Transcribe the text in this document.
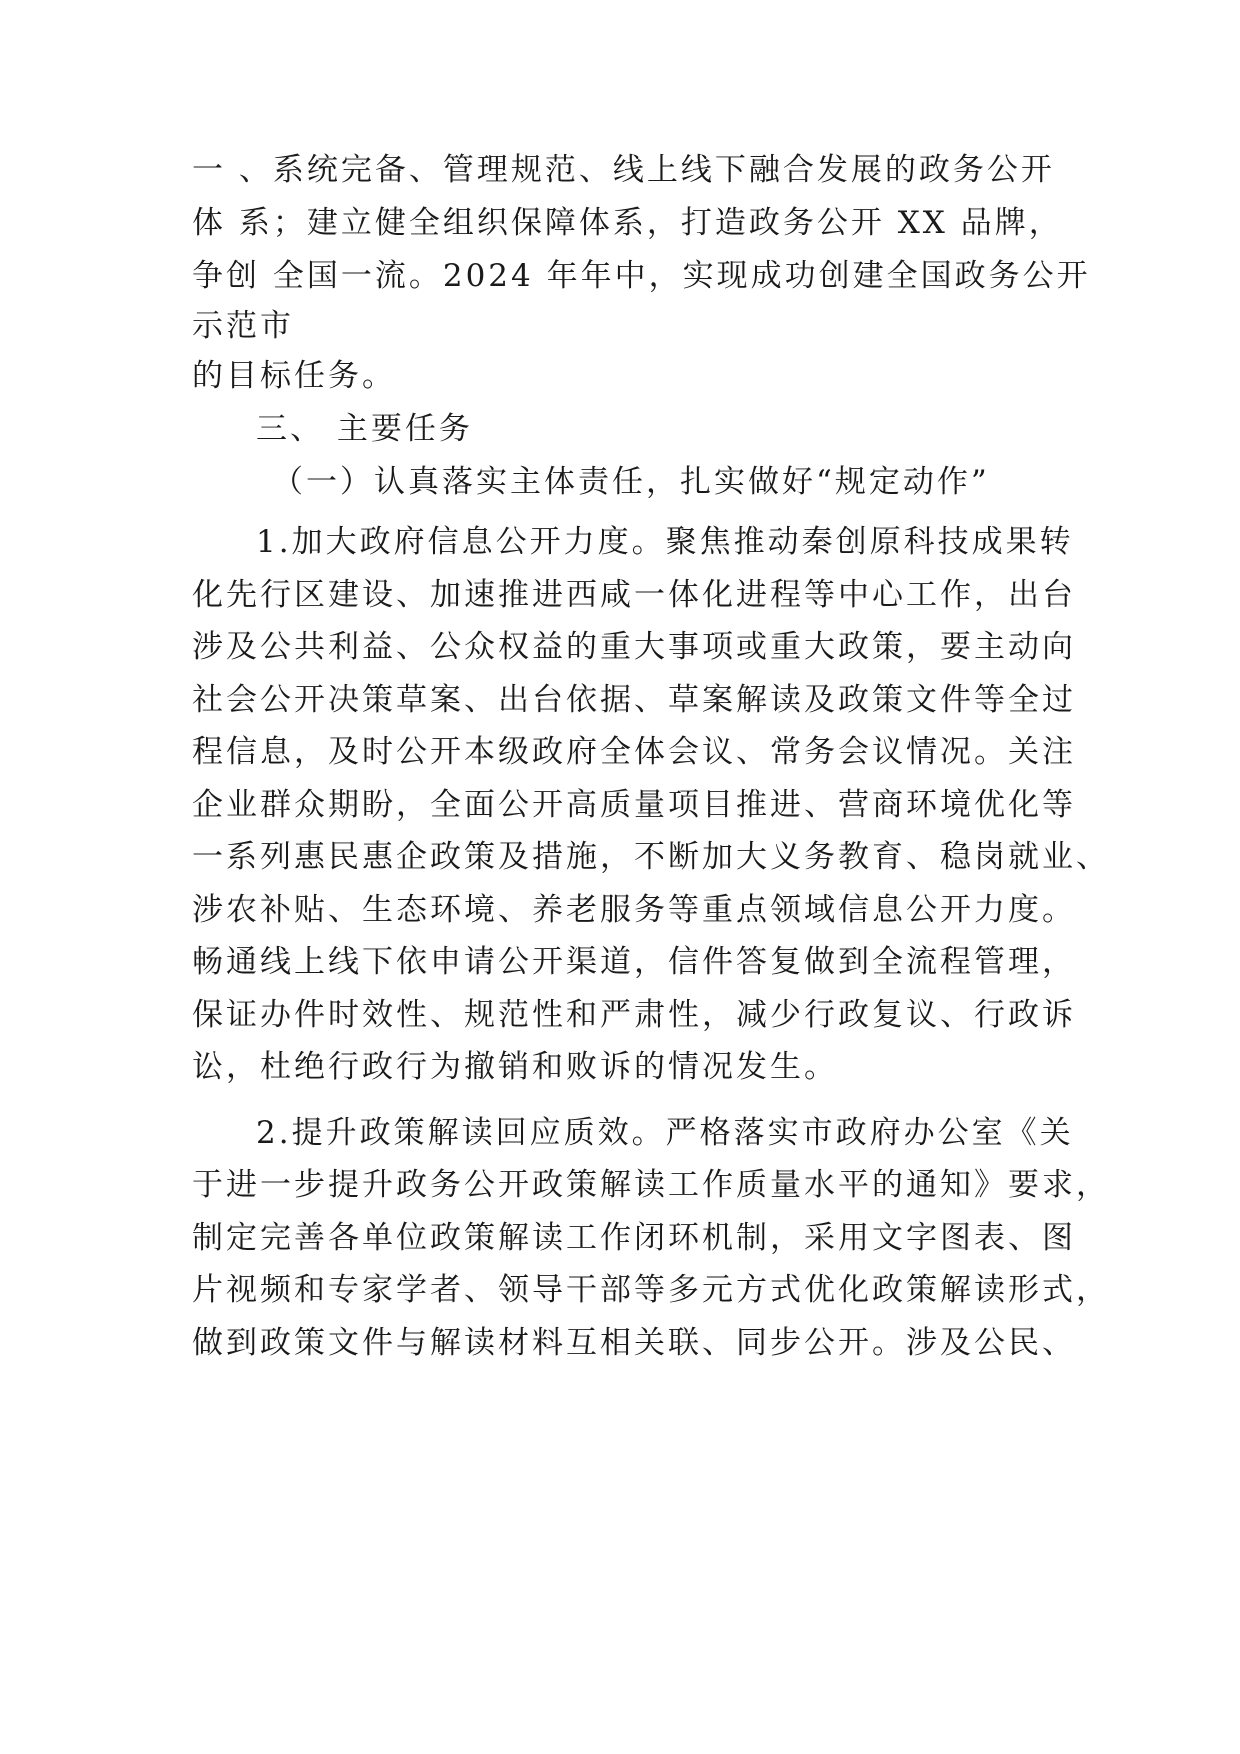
一 、系统完备、管理规范、线上线下融合发展的政务公开
体 系；建立健全组织保障体系，打造政务公开 XX 品牌，
争创 全国一流。2024 年年中，实现成功创建全国政务公开
示范市
的目标任务。
三、 主要任务
（一）认真落实主体责任，扎实做好“规定动作”
1.加大政府信息公开力度。聚焦推动秦创原科技成果转
化先行区建设、加速推进西咸一体化进程等中心工作，出台
涉及公共利益、公众权益的重大事项或重大政策，要主动向
社会公开决策草案、出台依据、草案解读及政策文件等全过
程信息，及时公开本级政府全体会议、常务会议情况。关注
企业群众期盼，全面公开高质量项目推进、营商环境优化等
一系列惠民惠企政策及措施，不断加大义务教育、稳岗就业、
涉农补贴、生态环境、养老服务等重点领域信息公开力度。
畅通线上线下依申请公开渠道，信件答复做到全流程管理，
保证办件时效性、规范性和严肃性，减少行政复议、行政诉
讼，杜绝行政行为撤销和败诉的情况发生。
2.提升政策解读回应质效。严格落实市政府办公室《关
于进一步提升政务公开政策解读工作质量水平的通知》要求，
制定完善各单位政策解读工作闭环机制，采用文字图表、图
片视频和专家学者、领导干部等多元方式优化政策解读形式，
做到政策文件与解读材料互相关联、同步公开。涉及公民、
